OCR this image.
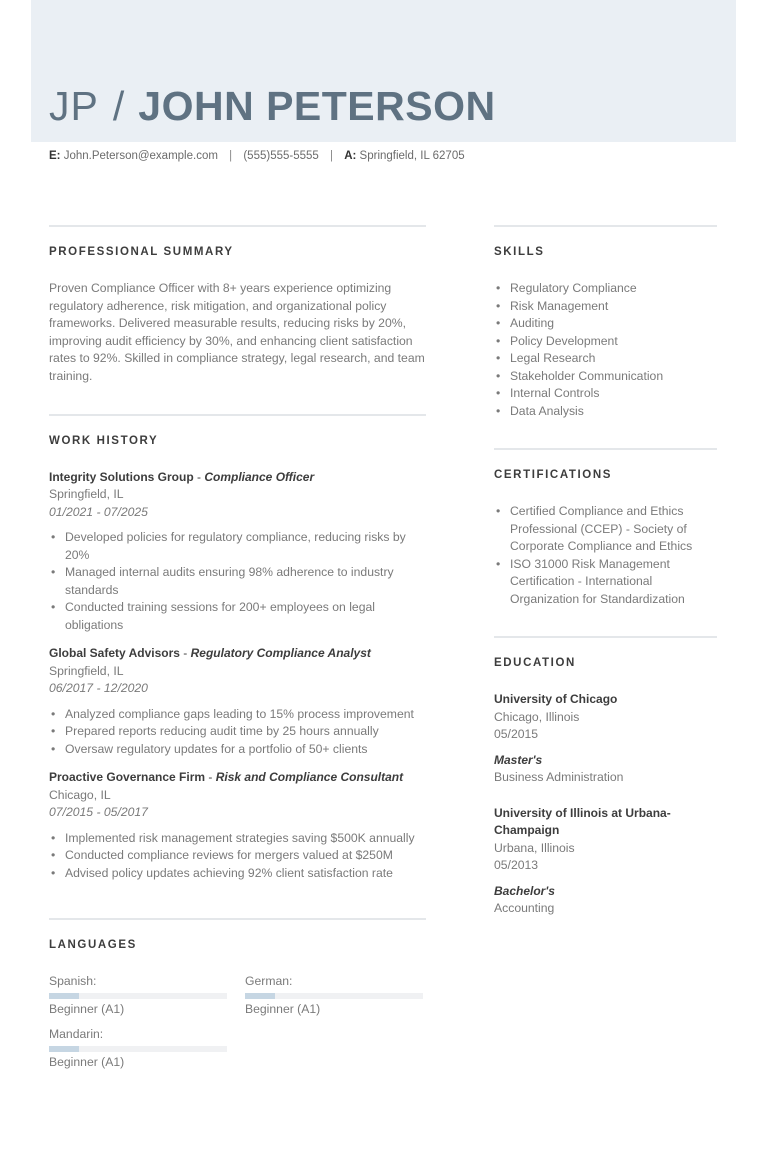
JP / JOHN PETERSON
E: John.Peterson@example.com | (555)555-5555 | A: Springfield, IL 62705
PROFESSIONAL SUMMARY

Proven Compliance Officer with 8+ years experience optimizing regulatory adherence, risk mitigation, and organizational policy frameworks. Delivered measurable results, reducing risks by 20%, improving audit efficiency by 30%, and enhancing client satisfaction rates to 92%. Skilled in compliance strategy, legal research, and team training.

WORK HISTORY
Integrity Solutions Group - Compliance Officer
Springfield, IL
01/2021 - 07/2025
• Developed policies for regulatory compliance, reducing risks by 20%
• Managed internal audits ensuring 98% adherence to industry standards
• Conducted training sessions for 200+ employees on legal obligations
Global Safety Advisors - Regulatory Compliance Analyst
Springfield, IL
06/2017 - 12/2020
• Analyzed compliance gaps leading to 15% process improvement
• Prepared reports reducing audit time by 25 hours annually
• Oversaw regulatory updates for a portfolio of 50+ clients
Proactive Governance Firm - Risk and Compliance Consultant
Chicago, IL
07/2015 - 05/2017
• Implemented risk management strategies saving $500K annually
• Conducted compliance reviews for mergers valued at $250M
• Advised policy updates achieving 92% client satisfaction rate
LANGUAGES
Spanish:
Beginner (A1)
German:
Beginner (A1)
Mandarin:
Beginner (A1)
SKILLS
• Regulatory Compliance
• Risk Management
• Auditing
• Policy Development
• Legal Research
• Stakeholder Communication
• Internal Controls
• Data Analysis
CERTIFICATIONS
• Certified Compliance and Ethics Professional (CCEP) - Society of Corporate Compliance and Ethics
• ISO 31000 Risk Management Certification - International Organization for Standardization
EDUCATION
University of Chicago
Chicago, Illinois
05/2015
Master's
Business Administration
University of Illinois at Urbana-Champaign
Urbana, Illinois
05/2013
Bachelor's
Accounting
